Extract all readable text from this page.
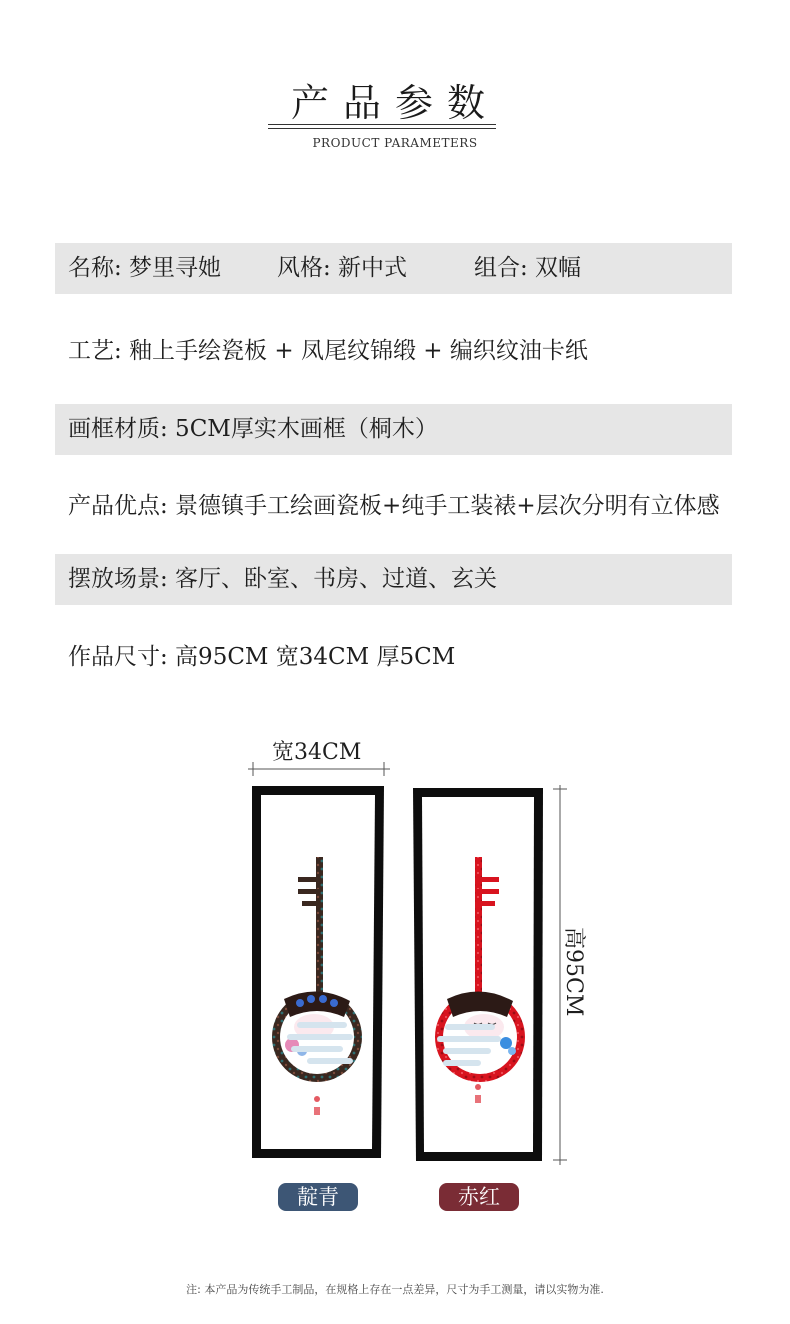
产品参数
PRODUCT PARAMETERS
名称: 梦里寻她 风格: 新中式	组合: 双幅
工艺: 釉上手绘瓷板 + 凤尾纹锦缎 + 编织纹油卡纸
画框材质: 5CM厚实木画框（桐木）
产品优点: 景德镇手工绘画瓷板+纯手工装裱+层次分明有立体感
摆放场景: 客厅、卧室、书房、过道、玄关
作品尺寸: 高95CM 宽34CM 厚5CM
宽34CM
高95CM
靛青	赤红
注: 本产品为传统手工制品，在规格上存在一点差异，尺寸为手工测量，请以实物为准.
